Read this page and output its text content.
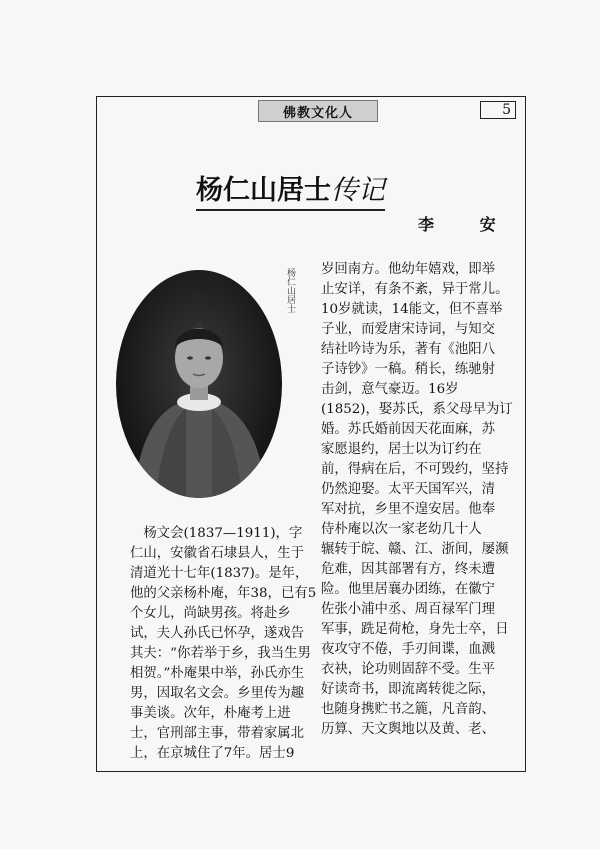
佛教文化人	5
杨仁山居士传记
李 安
杨仁山居士
　杨文会(1837—1911)，字
仁山，安徽省石埭县人，生于
清道光十七年(1837)。是年，
他的父亲杨朴庵，年38，已有5
个女儿，尚缺男孩。将赴乡
试，夫人孙氏已怀孕，遂戏告
其夫：“你若举于乡，我当生男
相贺。”朴庵果中举，孙氏亦生
男，因取名文会。乡里传为趣
事美谈。次年，朴庵考上进
士，官刑部主事，带着家属北
上，在京城住了7年。居士9
岁回南方。他幼年嬉戏，即举
止安详，有条不紊，异于常儿。
10岁就读，14能文，但不喜举
子业，而爱唐宋诗词，与知交
结社吟诗为乐，著有《池阳八
子诗钞》一稿。稍长，练驰射
击剑，意气豪迈。16岁
(1852)，娶苏氏，系父母早为订
婚。苏氏婚前因天花面麻，苏
家愿退约，居士以为订约在
前，得病在后，不可毁约，坚持
仍然迎娶。太平天国军兴，清
军对抗，乡里不遑安居。他奉
侍朴庵以次一家老幼几十人
辗转于皖、赣、江、浙间，屡濒
危难，因其部署有方，终未遭
险。他里居襄办团练，在徽宁
佐张小浦中丞、周百禄军门理
军事，跣足荷枪，身先士卒，日
夜攻守不倦，手刃间谍，血溅
衣袂，论功则固辞不受。生平
好读奇书，即流离转徙之际，
也随身携贮书之簏，凡音韵、
历算、天文舆地以及黄、老、
